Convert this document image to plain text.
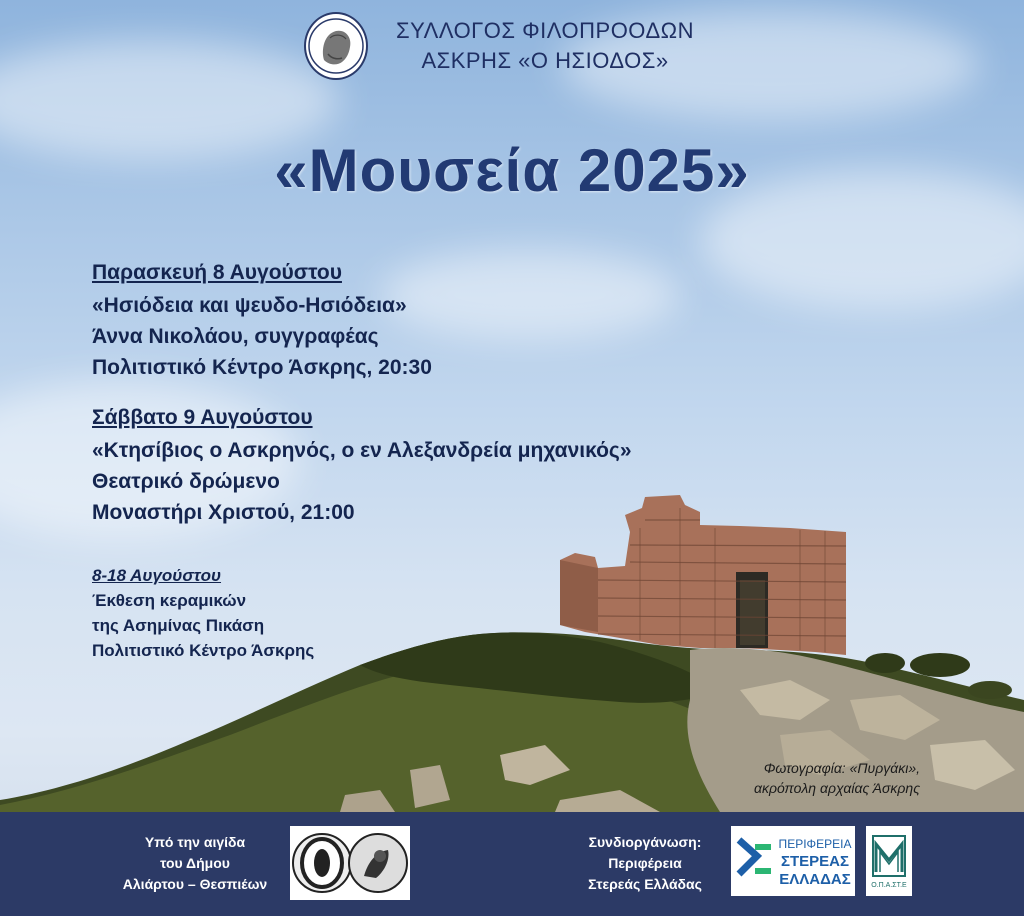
ΣΥΛΛΟΓΟΣ ΦΙΛΟΠΡΟΟΔΩΝ
ΑΣΚΡΗΣ «Ο ΗΣΙΟΔΟΣ»
«Μουσεία 2025»
Παρασκευή 8 Αυγούστου
«Ησιόδεια και ψευδο-Ησιόδεια»
Άννα Νικολάου, συγγραφέας
Πολιτιστικό Κέντρο Άσκρης, 20:30
Σάββατο 9 Αυγούστου
«Κτησίβιος ο Ασκρηνός, ο εν Αλεξανδρεία μηχανικός»
Θεατρικό δρώμενο
Μοναστήρι Χριστού, 21:00
8-18 Αυγούστου
Έκθεση κεραμικών
της Ασημίνας Πικάση
Πολιτιστικό Κέντρο Άσκρης
Φωτογραφία: «Πυργάκι»,
ακρόπολη αρχαίας Άσκρης
Υπό την αιγίδα
του Δήμου
Αλιάρτου – Θεσπιέων
Συνδιοργάνωση:
Περιφέρεια
Στερεάς Ελλάδας
ΠΕΡΙΦΕΡΕΙΑ
ΣΤΕΡΕΑΣ
ΕΛΛΑΔΑΣ	Ο.Π.Α.ΣΤ.Ε
